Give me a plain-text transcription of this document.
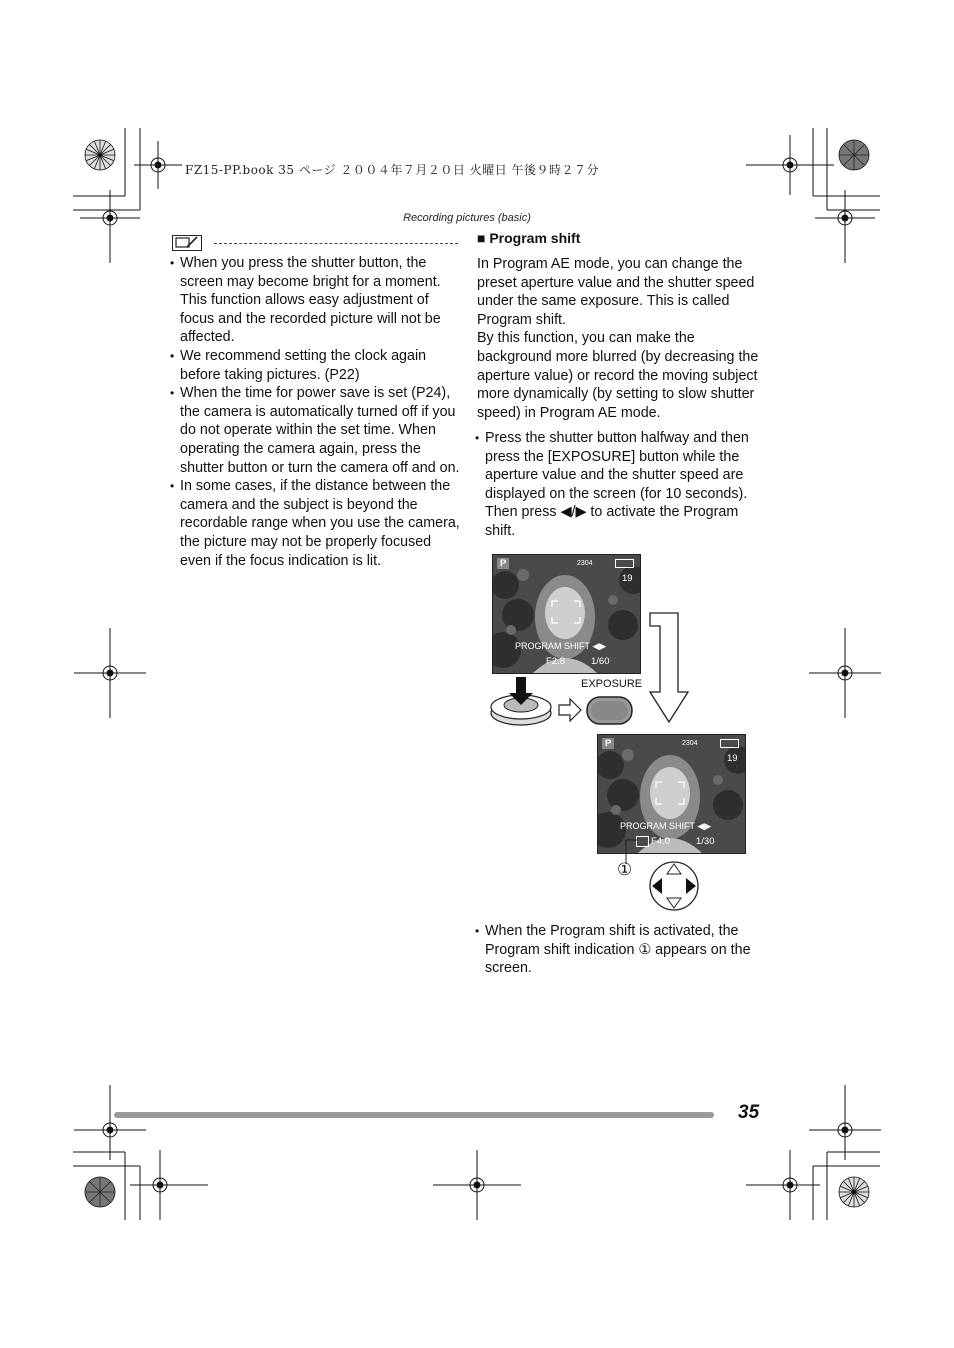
FZ15-PP.book 35 ページ ２００４年７月２０日 火曜日 午後９時２７分
Recording pictures (basic)
• When you press the shutter button, the screen may become bright for a moment. This function allows easy adjustment of focus and the recorded picture will not be affected.
• We recommend setting the clock again before taking pictures. (P22)
• When the time for power save is set (P24), the camera is automatically turned off if you do not operate within the set time. When operating the camera again, press the shutter button or turn the camera off and on.
• In some cases, if the distance between the camera and the subject is beyond the recordable range when you use the camera, the picture may not be properly focused even if the focus indication is lit.
■ Program shift

In Program AE mode, you can change the preset aperture value and the shutter speed under the same exposure. This is called Program shift.

By this function, you can make the background more blurred (by decreasing the aperture value) or record the moving subject more dynamically (by setting to slow shutter speed) in Program AE mode.

• Press the shutter button halfway and then press the [EXPOSURE] button while the aperture value and the shutter speed are displayed on the screen (for 10 seconds). Then press ◀/▶ to activate the Program shift.
P	2304
19
PROGRAM SHIFT ◀▶
F2.8	1/60
EXPOSURE
P	2304
19
PROGRAM SHIFT ◀▶
F4.0	1/30
①
• When the Program shift is activated, the Program shift indication ① appears on the screen.
35
